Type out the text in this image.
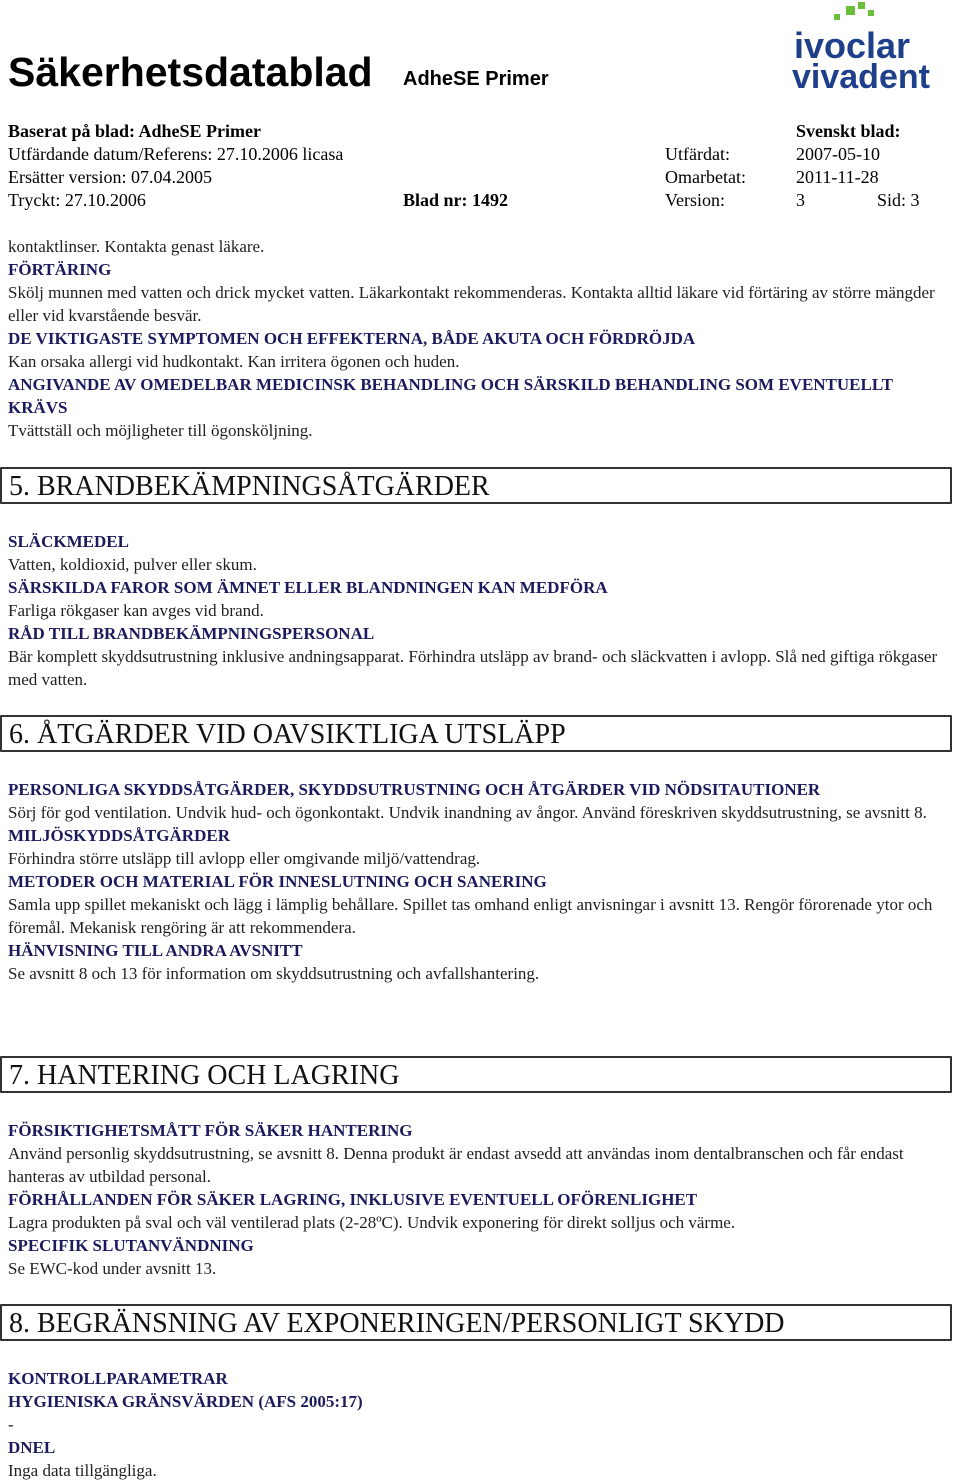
Säkerhetsdatablad AdheSE Primer
ivoclar
vivadent
Baserat på blad: AdheSE Primer	Svenskt blad:
Utfärdande datum/Referens: 27.10.2006 licasa	Utfärdat:	2007-05-10
Ersätter version: 07.04.2005	Omarbetat:	2011-11-28
Tryckt: 27.10.2006	Blad nr: 1492	Version:	3	Sid: 3

kontaktlinser. Kontakta genast läkare.

FÖRTÄRING

Skölj munnen med vatten och drick mycket vatten. Läkarkontakt rekommenderas. Kontakta alltid läkare vid förtäring av större mängder eller vid kvarstående besvär.

DE VIKTIGASTE SYMPTOMEN OCH EFFEKTERNA, BÅDE AKUTA OCH FÖRDRÖJDA

Kan orsaka allergi vid hudkontakt. Kan irritera ögonen och huden.

ANGIVANDE AV OMEDELBAR MEDICINSK BEHANDLING OCH SÄRSKILD BEHANDLING SOM EVENTUELLT KRÄVS

Tvättställ och möjligheter till ögonsköljning.

5. BRANDBEKÄMPNINGSÅTGÄRDER

SLÄCKMEDEL

Vatten, koldioxid, pulver eller skum.

SÄRSKILDA FAROR SOM ÄMNET ELLER BLANDNINGEN KAN MEDFÖRA

Farliga rökgaser kan avges vid brand.

RÅD TILL BRANDBEKÄMPNINGSPERSONAL

Bär komplett skyddsutrustning inklusive andningsapparat. Förhindra utsläpp av brand- och släckvatten i avlopp. Slå ned giftiga rökgaser med vatten.

6. ÅTGÄRDER VID OAVSIKTLIGA UTSLÄPP

PERSONLIGA SKYDDSÅTGÄRDER, SKYDDSUTRUSTNING OCH ÅTGÄRDER VID NÖDSITAUTIONER

Sörj för god ventilation. Undvik hud- och ögonkontakt. Undvik inandning av ångor. Använd föreskriven skyddsutrustning, se avsnitt 8.

MILJÖSKYDDSÅTGÄRDER

Förhindra större utsläpp till avlopp eller omgivande miljö/vattendrag.

METODER OCH MATERIAL FÖR INNESLUTNING OCH SANERING

Samla upp spillet mekaniskt och lägg i lämplig behållare. Spillet tas omhand enligt anvisningar i avsnitt 13. Rengör förorenade ytor och föremål. Mekanisk rengöring är att rekommendera.

HÄNVISNING TILL ANDRA AVSNITT

Se avsnitt 8 och 13 för information om skyddsutrustning och avfallshantering.

7. HANTERING OCH LAGRING

FÖRSIKTIGHETSMÅTT FÖR SÄKER HANTERING

Använd personlig skyddsutrustning, se avsnitt 8. Denna produkt är endast avsedd att användas inom dentalbranschen och får endast hanteras av utbildad personal.

FÖRHÅLLANDEN FÖR SÄKER LAGRING, INKLUSIVE EVENTUELL OFÖRENLIGHET

Lagra produkten på sval och väl ventilerad plats (2-28ºC). Undvik exponering för direkt solljus och värme.

SPECIFIK SLUTANVÄNDNING

Se EWC-kod under avsnitt 13.

8. BEGRÄNSNING AV EXPONERINGEN/PERSONLIGT SKYDD

KONTROLLPARAMETRAR

HYGIENISKA GRÄNSVÄRDEN (AFS 2005:17)

-

DNEL

Inga data tillgängliga.
